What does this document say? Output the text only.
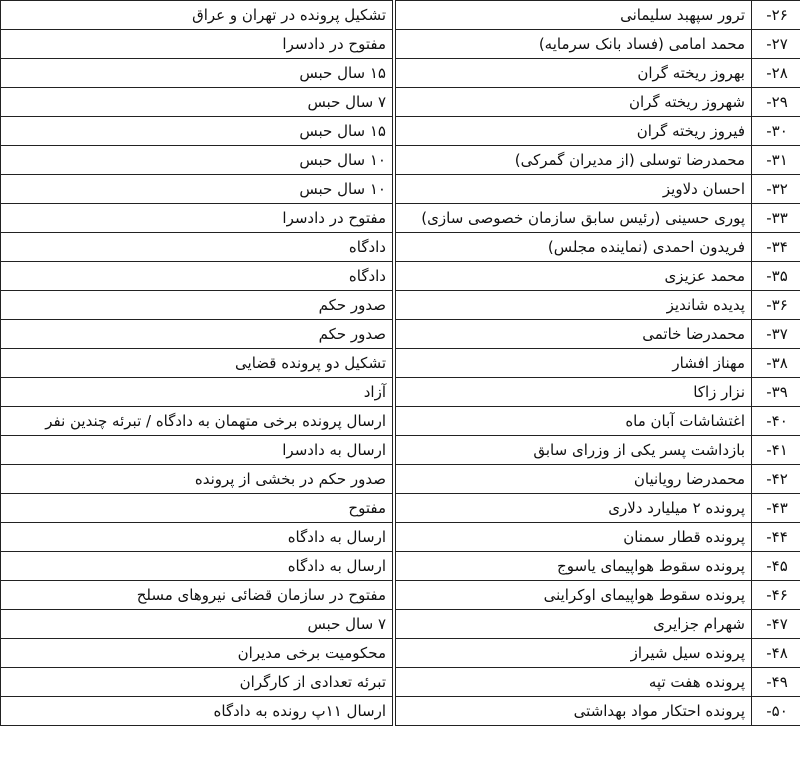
تشکیل پرونده در تهران و عراق		ترور سپهبد سلیمانی	-۲۶
مفتوح در دادسرا		محمد امامی (فساد بانک سرمایه)	-۲۷
۱۵ سال حبس		بهروز ریخته گران	-۲۸
۷ سال حبس		شهروز ریخته گران	-۲۹
۱۵ سال حبس		فیروز ریخته گران	-۳۰
۱۰ سال حبس		محمدرضا توسلی (از مدیران گمرکی)	-۳۱
۱۰ سال حبس		احسان دلاویز	-۳۲
مفتوح در دادسرا		پوری حسینی (رئیس سابق سازمان خصوصی سازی)	-۳۳
دادگاه		فریدون احمدی (نماینده مجلس)	-۳۴
دادگاه		محمد عزیزی	-۳۵
صدور حکم		پدیده شاندیز	-۳۶
صدور حکم		محمدرضا خاتمی	-۳۷
تشکیل دو پرونده قضایی		مهناز افشار	-۳۸
آزاد		نزار زاکا	-۳۹
ارسال پرونده برخی متهمان به دادگاه / تبرئه چندین نفر		اغتشاشات آبان ماه	-۴۰
ارسال به دادسرا		بازداشت پسر یکی از وزرای سابق	-۴۱
صدور حکم در بخشی از پرونده		محمدرضا رویانیان	-۴۲
مفتوح		پرونده ۲ میلیارد دلاری	-۴۳
ارسال به دادگاه		پرونده قطار سمنان	-۴۴
ارسال به دادگاه		پرونده سقوط هواپیمای یاسوج	-۴۵
مفتوح در سازمان قضائی نیروهای مسلح		پرونده سقوط هواپیمای اوکراینی	-۴۶
۷ سال حبس		شهرام جزایری	-۴۷
محکومیت برخی مدیران		پرونده سیل شیراز	-۴۸
تبرئه تعدادی از کارگران		پرونده هفت تپه	-۴۹
ارسال ۱۱پ رونده به دادگاه		پرونده احتکار مواد بهداشتی	-۵۰
